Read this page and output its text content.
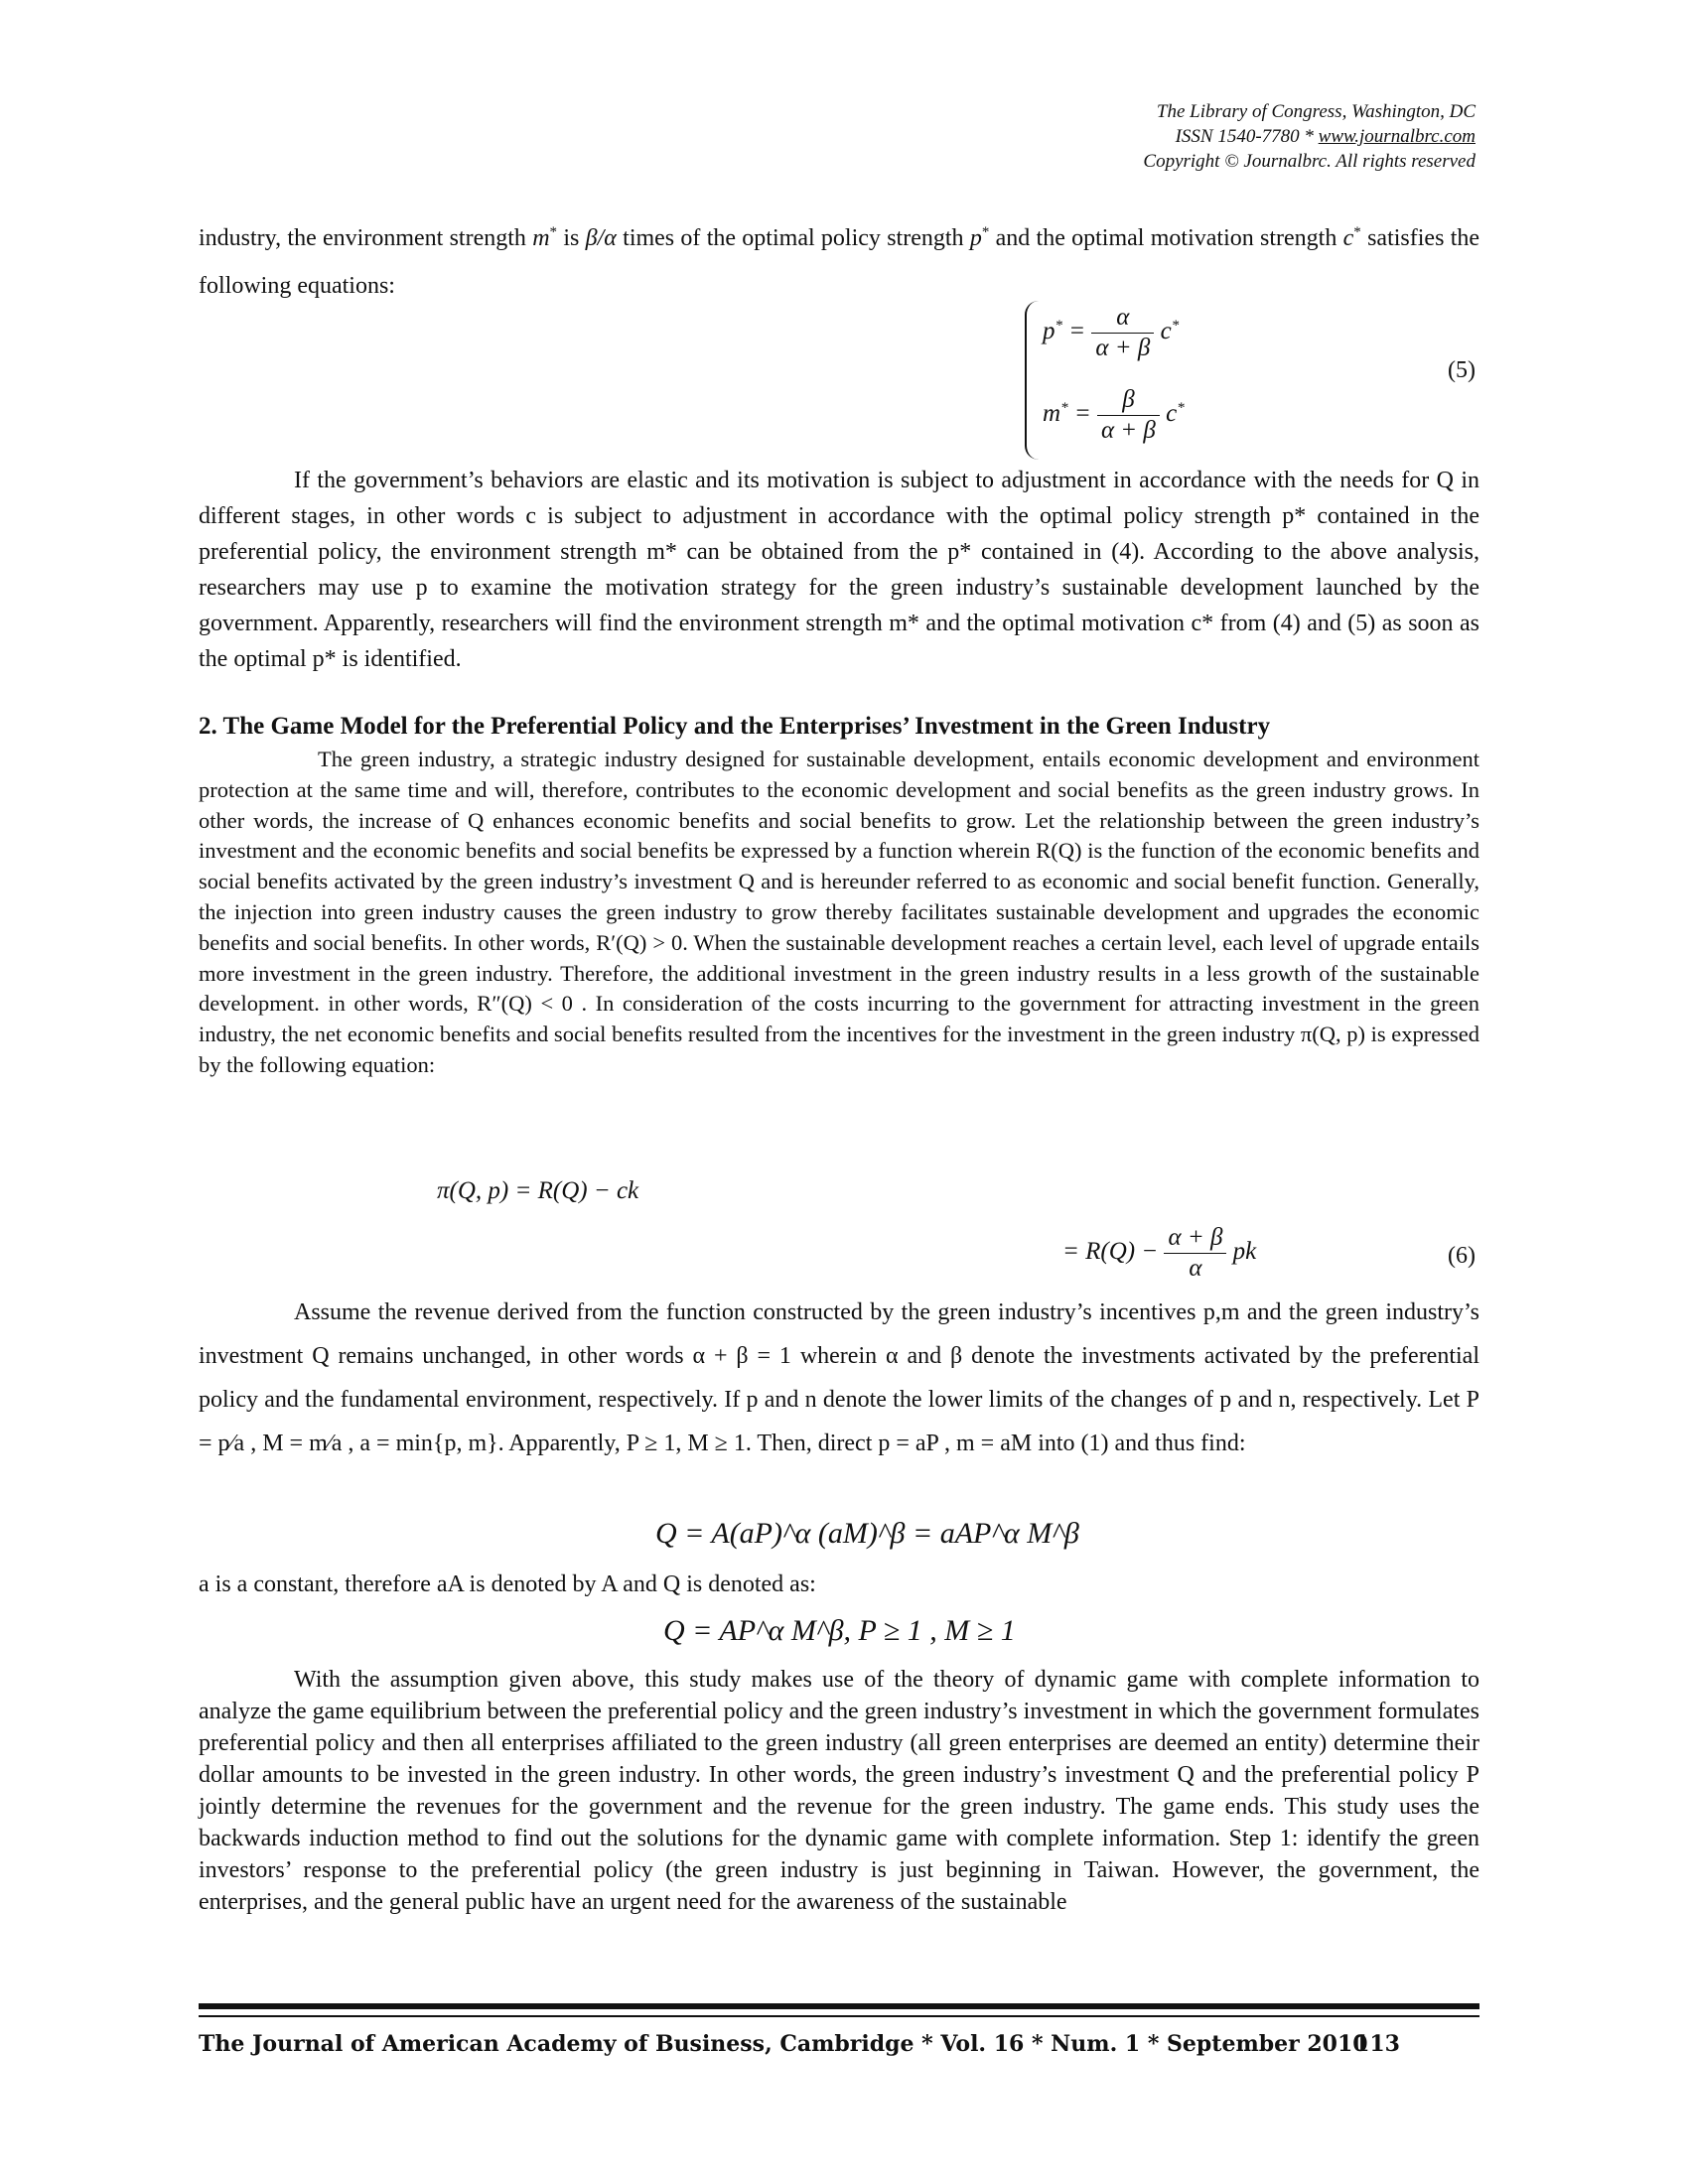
The Library of Congress, Washington, DC
ISSN 1540-7780 * www.journalbrc.com
Copyright © Journalbrc. All rights reserved
industry, the environment strength m* is β/α times of the optimal policy strength p* and the optimal motivation strength c* satisfies the following equations:
$p^* = \frac{\alpha}{\alpha + \beta} c^*$
$m^* = \frac{\beta}{\alpha + \beta} c^*$
(5)

If the government’s behaviors are elastic and its motivation is subject to adjustment in accordance with the needs for Q in different stages, in other words c is subject to adjustment in accordance with the optimal policy strength p* contained in the preferential policy, the environment strength m* can be obtained from the p* contained in (4). According to the above analysis, researchers may use p to examine the motivation strategy for the green industry’s sustainable development launched by the government. Apparently, researchers will find the environment strength m* and the optimal motivation c* from (4) and (5) as soon as the optimal p* is identified.

2. The Game Model for the Preferential Policy and the Enterprises’ Investment in the Green Industry

The green industry, a strategic industry designed for sustainable development, entails economic development and environment protection at the same time and will, therefore, contributes to the economic development and social benefits as the green industry grows. In other words, the increase of Q enhances economic benefits and social benefits to grow. Let the relationship between the green industry’s investment and the economic benefits and social benefits be expressed by a function wherein R(Q) is the function of the economic benefits and social benefits activated by the green industry’s investment Q and is hereunder referred to as economic and social benefit function. Generally, the injection into green industry causes the green industry to grow thereby facilitates sustainable development and upgrades the economic benefits and social benefits. In other words, R′(Q) > 0. When the sustainable development reaches a certain level, each level of upgrade entails more investment in the green industry. Therefore, the additional investment in the green industry results in a less growth of the sustainable development. in other words, R″(Q) < 0 . In consideration of the costs incurring to the government for attracting investment in the green industry, the net economic benefits and social benefits resulted from the incentives for the investment in the green industry π(Q, p) is expressed by the following equation:

π(Q, p) = R(Q) − ck
= $R(Q) - \frac{\alpha + \beta}{\alpha}$ pk	(6)

Assume the revenue derived from the function constructed by the green industry’s incentives p,m and the green industry’s investment Q remains unchanged, in other words α + β = 1 wherein α and β denote the investments activated by the preferential policy and the fundamental environment, respectively. If p and n denote the lower limits of the changes of p and n, respectively. Let P = p⁄a , M = m⁄a , a = min{p, m}. Apparently, P ≥ 1, M ≥ 1. Then, direct p = aP , m = aM into (1) and thus find:

Q = A(aP)^α (aM)^β = aAP^α M^β

a is a constant, therefore aA is denoted by A and Q is denoted as:

Q = AP^α M^β, P ≥ 1 , M ≥ 1

With the assumption given above, this study makes use of the theory of dynamic game with complete information to analyze the game equilibrium between the preferential policy and the green industry’s investment in which the government formulates preferential policy and then all enterprises affiliated to the green industry (all green enterprises are deemed an entity) determine their dollar amounts to be invested in the green industry. In other words, the green industry’s investment Q and the preferential policy P jointly determine the revenues for the government and the revenue for the green industry. The game ends. This study uses the backwards induction method to find out the solutions for the dynamic game with complete information. Step 1: identify the green investors’ response to the preferential policy (the green industry is just beginning in Taiwan. However, the government, the enterprises, and the general public have an urgent need for the awareness of the sustainable

The Journal of American Academy of Business, Cambridge * Vol. 16 * Num. 1 * September 2010
113
